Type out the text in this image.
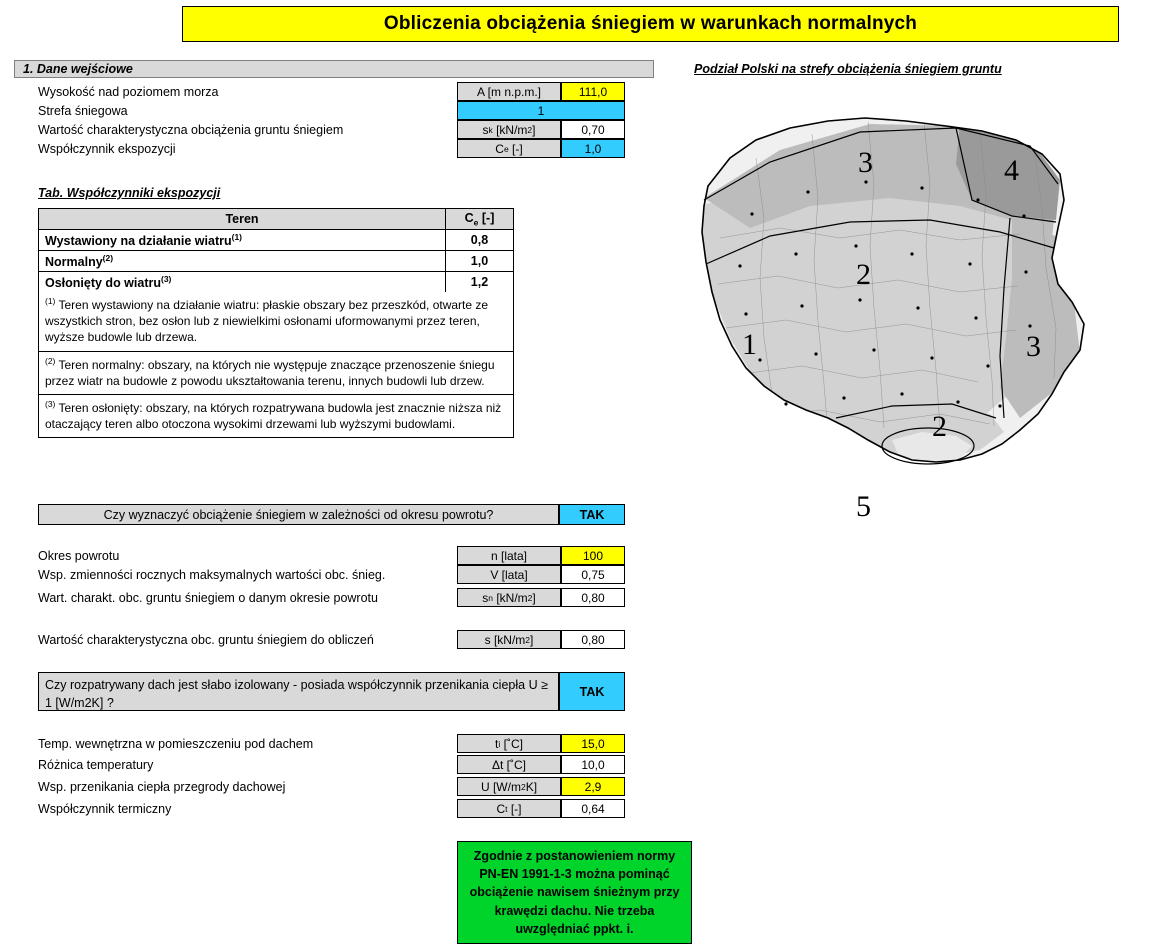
Obliczenia obciążenia śniegiem w warunkach normalnych
1. Dane wejściowe
Wysokość nad poziomem morza	A [m n.p.m.]	111,0
Strefa śniegowa	1
Wartość charakterystyczna obciążenia gruntu śniegiem	s k [kN/m 2 ]	0,70
Współczynnik ekspozycji	C e [-]	1,0
Tab. Współczynniki ekspozycji
Teren	$C_e$ [-]
Wystawiony na działanie wiatru$^{(1)}$	0,8
Normalny$^{(2)}$	1,0
Osłonięty do wiatru$^{(3)}$	1,2
$^{(1)}$ Teren wystawiony na działanie wiatru: płaskie obszary bez przeszkód, otwarte ze wszystkich stron, bez osłon lub z niewielkimi osłonami uformowanymi przez teren, wyższe budowle lub drzewa.
$^{(2)}$ Teren normalny: obszary, na których nie występuje znaczące przenoszenie śniegu przez wiatr na budowle z powodu ukształtowania terenu, innych budowli lub drzew.
$^{(3)}$ Teren osłonięty: obszary, na których rozpatrywana budowla jest znacznie niższa niż otaczający teren albo otoczona wysokimi drzewami lub wyższymi budowlami.
Czy wyznaczyć obciążenie śniegiem w zależności od okresu powrotu?	TAK
Okres powrotu	n [lata]	100
Wsp. zmienności rocznych maksymalnych wartości obc. śnieg.	V [lata]	0,75
Wart. charakt. obc. gruntu śniegiem o danym okresie powrotu	s n [kN/m 2 ]	0,80
Wartość charakterystyczna obc. gruntu śniegiem do obliczeń	s [kN/m 2 ]	0,80
Czy rozpatrywany dach jest słabo izolowany - posiada współczynnik przenikania ciepła U ≥ 1 [W/m2K] ?
TAK
Temp. wewnętrzna w pomieszczeniu pod dachem	t i [˚C]	15,0
Różnica temperatury	Δt [˚C]	10,0
Wsp. przenikania ciepła przegrody dachowej	U [W/m 2 K]	2,9
Współczynnik termiczny	C t [-]	0,64
Zgodnie z postanowieniem normy PN-EN 1991-1-3 można pominąć obciążenie nawisem śnieżnym przy krawędzi dachu. Nie trzeba uwzględniać ppkt. i.
Podział Polski na strefy obciążenia śniegiem gruntu
3	4
2
1	3
2
5
